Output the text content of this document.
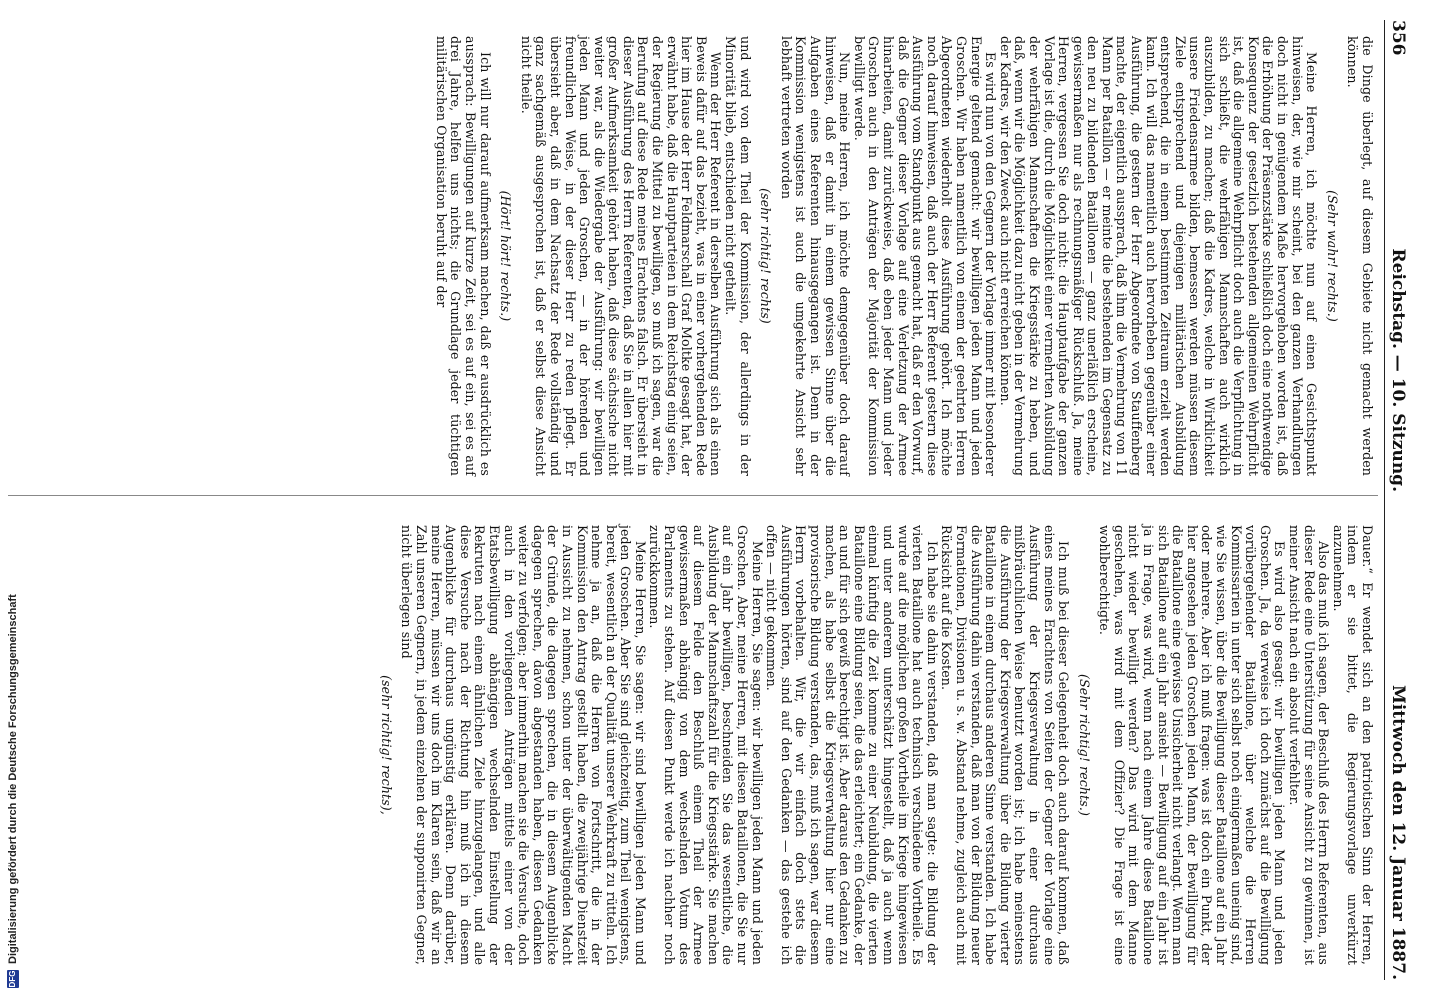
356
Reichstag. — 10. Sitzung.
Mittwoch den 12. Januar 1887.

die Dinge überlegt, auf diesem Gebiete nicht gemacht werden können.

(Sehr wahr! rechts.)

Meine Herren, ich möchte nun auf einen Gesichtspunkt hinweisen, der, wie mir scheint, bei den ganzen Verhandlungen doch nicht in genügendem Maße hervorgehoben worden ist, daß die Erhöhung der Präsenzstärke schließlich doch eine nothwendige Konsequenz der gesetzlich bestehenden allgemeinen Wehrpflicht ist, daß die allgemeine Wehrpflicht doch auch die Verpflichtung in sich schließt, die wehrfähigen Mannschaften auch wirklich auszubilden, zu machen; daß die Kadres, welche in Wirklichkeit unsere Friedensarmee bilden, bemessen werden müssen diesem Ziele entsprechend und diejenigen militärischen Ausbildung entsprechend, die in einem bestimmten Zeitraum erzielt werden kann. Ich will das namentlich auch hervorheben gegenüber einer Ausführung, die gestern der Herr Abgeordnete von Stauffenberg machte, der eigentlich aussprach, daß ihm die Vermehrung von 11 Mann per Bataillon — er meinte die bestehenden im Gegensatz zu den neu zu bildenden Bataillonen — ganz unerläßlich erscheine, gewissermaßen nur als rechnungsmäßiger Rückschluß. Ja, meine Herren, vergessen Sie doch nicht: die Hauptaufgabe der ganzen Vorlage ist die, durch die Möglichkeit einer vermehrten Ausbildung der wehrfähigen Mannschaften die Kriegsstärke zu heben, und daß, wenn wir die Möglichkeit dazu nicht geben in der Vermehrung der Kadres, wir den Zweck auch nicht erreichen können.

Es wird nun von den Gegnern der Vorlage immer mit besonderer Energie geltend gemacht: wir bewilligen jeden Mann und jeden Groschen. Wir haben namentlich von einem der geehrten Herren Abgeordneten wiederholt diese Ausführung gehört. Ich möchte noch darauf hinweisen, daß auch der Herr Referent gestern diese Ausführung vom Standpunkt aus gemacht hat, daß er den Vorwurf, daß die Gegner dieser Vorlage auf eine Verletzung der Armee hinarbeiten, damit zurückweise, daß eben jeder Mann und jeder Groschen auch in den Anträgen der Majorität der Kommission bewilligt werde.

Nun, meine Herren, ich möchte demgegenüber doch darauf hinweisen, daß er damit in einem gewissen Sinne über die Aufgaben eines Referenten hinausgegangen ist. Denn in der Kommission wenigstens ist auch die umgekehrte Ansicht sehr lebhaft vertreten worden

(sehr richtig! rechts)

und wird von dem Theil der Kommission, der allerdings in der Minorität blieb, entschieden nicht getheilt.

Wenn der Herr Referent in derselben Ausführung sich als einen Beweis dafür auf das bezieht, was in einer vorhergehenden Rede hier im Hause der Herr Feldmarschall Graf Moltke gesagt hat, der erwähnt habe, daß die Hauptparteien in dem Reichstag einig seien, der Regierung die Mittel zu bewilligen, so muß ich sagen, war die Berufung auf diese Rede meines Erachtens falsch. Er übersieht in dieser Ausführung des Herrn Referenten, daß Sie in allen hier mit großer Aufmerksamkeit gehört haben, daß diese sächsische nicht weiter war, als die Wiedergabe der Ausführung: wir bewilligen jeden Mann und jeden Groschen, — in der hörenden und freundlichen Weise, in der dieser Herr zu reden pflegt. Er übersieht aber, daß in dem Nachsatz der Rede vollständig und ganz sachgemäß ausgesprochen ist, daß er selbst diese Ansicht nicht theile.

(Hört! hört! rechts.)

Ich will nur darauf aufmerksam machen, daß er ausdrücklich es aussprach: Bewilligungen auf kurze Zeit, sei es auf ein, sei es auf drei Jahre, helfen uns nichts; die Grundlage jeder tüchtigen militärischen Organisation beruht auf der

Dauer.“ Er wendet sich an den patriotischen Sinn der Herren, indem er sie bittet, die Regierungsvorlage unverkürzt anzunehmen.

Also das muß ich sagen, der Beschluß des Herrn Referenten, aus dieser Rede eine Unterstützung für seine Ansicht zu gewinnen, ist meiner Ansicht nach ein absolut verfehlter.

Es wird also gesagt: wir bewilligen jeden Mann und jeden Groschen. Ja, da verweise ich doch zunächst auf die Bewilligung vorübergehender Bataillone, über welche die Herren Kommissarien in unter sich selbst noch einigermaßen uneinig sind, wie Sie wissen, über die Bewilligung dieser Bataillone auf ein Jahr oder mehrere. Aber ich muß fragen: was ist doch ein Punkt, der hier angesehen jeden Groschen jeden Mann, der Bewilligung für die Bataillone eine gewisse Unsicherheit nicht verlangt. Wenn man sich Bataillone auf ein Jahr ansieht — Bewilligung auf ein Jahr ist ja in Frage, was wird, wenn nach einem Jahre diese Bataillone nicht wieder bewilligt werden? Das wird mit dem Manne geschehen, was wird mit dem Offizier? Die Frage ist eine wohlberechtigte.

(Sehr richtig! rechts.)

Ich muß bei dieser Gelegenheit doch auch darauf kommen, daß eines meines Erachtens von Seiten der Gegner der Vorlage eine Ausführung der Kriegsverwaltung in einer durchaus mißbräuchlichen Weise benutzt worden ist; ich habe meinestens die Ausführung der Kriegsverwaltung über die Bildung vierter Bataillone in einem durchaus anderen Sinne verstanden. Ich habe die Ausführung dahin verstanden, daß man von der Bildung neuer Formationen, Divisionen u. s. w. Abstand nehme, zugleich auch mit Rücksicht auf die Kosten.

Ich habe sie dahin verstanden, daß man sagte: die Bildung der vierten Bataillone hat auch technisch verschiedene Vortheile. Es wurde auf die möglichen großen Vortheile im Kriege hingewiesen und unter anderem unterschätzt hingestellt, daß ja auch wenn einmal künftig die Zeit komme zu einer Neubildung, die vierten Bataillone eine Bildung seien, die das erleichtert; ein Gedanke, der an und für sich gewiß berechtigt ist. Aber daraus den Gedanken zu machen, als habe selbst die Kriegsverwaltung hier nur eine provisorische Bildung verstanden, das, muß ich sagen, war diesem Herrn vorbehalten. Wir, die wir einfach doch stets die Ausführungen hörten, sind auf den Gedanken — das gestehe ich offen — nicht gekommen.

Meine Herren, Sie sagen: wir bewilligen jeden Mann und jeden Groschen. Aber, meine Herren, mit diesen Bataillonen, die Sie nur auf ein Jahr bewilligen, beschneiden Sie das wesentliche, die Ausbildung der Mannschaftszahl für die Kriegsstärke. Sie machen auf diesem Felde den Beschluß einem Theil der Armee gewissermaßen abhängig von dem wechselnden Votum des Parlaments zu stehen. Auf diesen Punkt werde ich nachher noch zurückkommen.

Meine Herren, Sie sagen: wir sind bewilligen jeden Mann und jeden Groschen. Aber Sie sind gleichzeitig, zum Theil wenigstens, bereit, wesentlich an der Qualität unserer Wehrkraft zu rütteln. Ich nehme ja an, daß die Herren von Fortschritt, die in der Kommission den Antrag gestellt haben, die zweijährige Dienstzeit in Aussicht zu nehmen, schon unter der überwältigenden Macht der Gründe, die dagegen sprechen, die in diesem Augenblicke dagegen sprechen, davon abgestanden haben, diesen Gedanken weiter zu verfolgen; aber immerhin machen sie die Versuche, doch auch in den vorliegenden Anträgen mittels einer von der Etatsbewilligung abhängigen wechselnden Einstellung der Rekruten nach einem ähnlichen Ziele hinzugelangen, und alle diese Versuche nach der Richtung hin muß ich in diesem Augenblicke für durchaus ungünstig erklären. Denn darüber, meine Herren, müssen wir uns doch im Klaren sein, daß wir an Zahl unseren Gegnern, in jedem einzelnen der supponirten Gegner, nicht überlegen sind

(sehr richtig! rechts),

DFG
Digitalisierung gefördert durch die Deutsche Forschungsgemeinschaft
